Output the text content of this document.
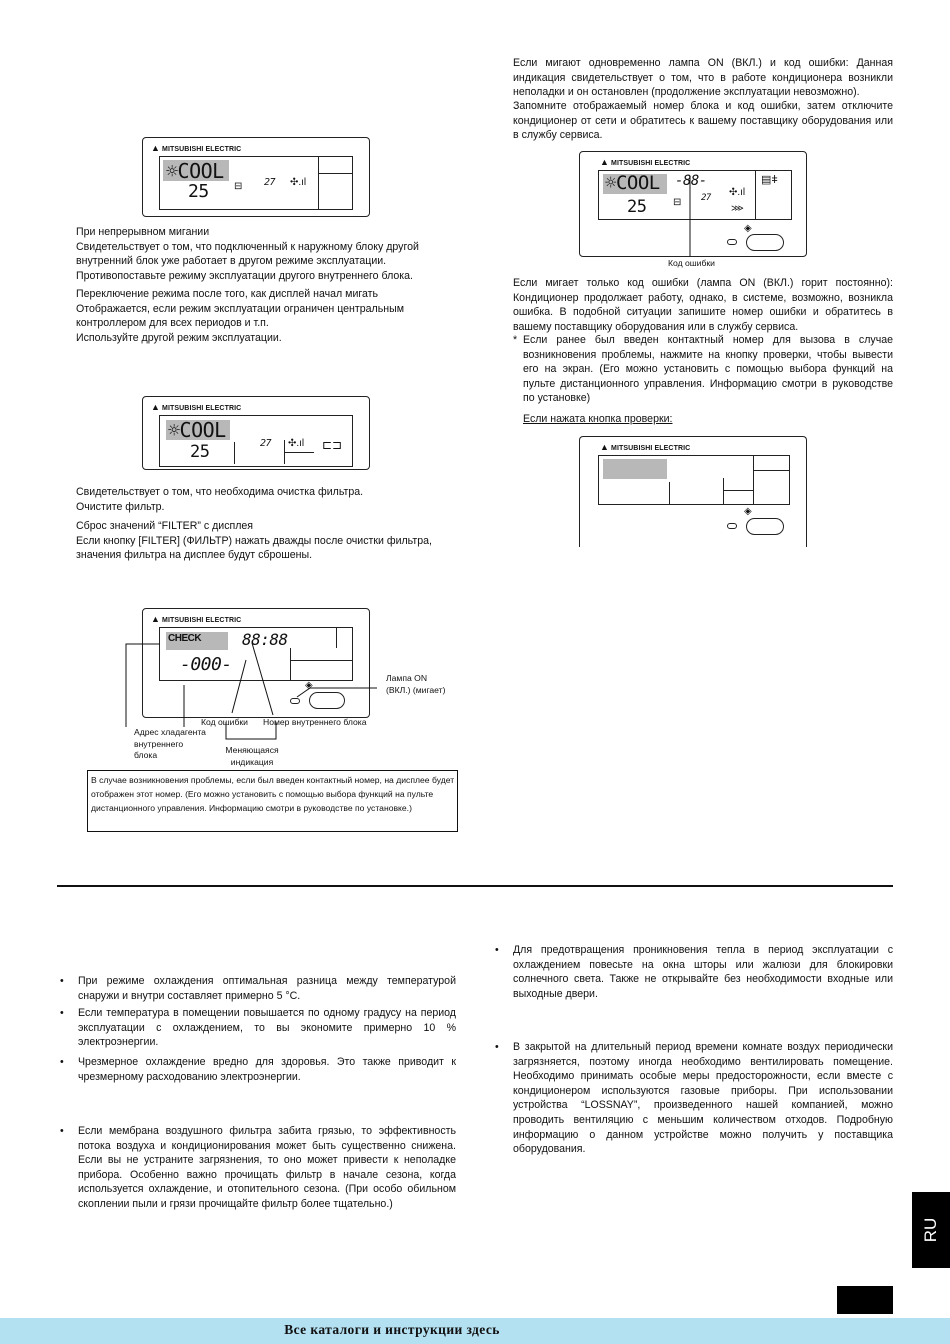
▲ MITSUBISHI ELECTRIC
☼COOL
25	27
⊟	✣.ıl
При непрерывном мигании
Свидетельствует о том, что подключенный к наружному блоку другой внутренний блок уже работает в другом режиме эксплуатации.
Противопоставьте режиму эксплуатации другого внутреннего блока.
Переключение режима после того, как дисплей начал мигать
Отображается, если режим эксплуатации ограничен центральным контроллером для всех периодов и т.п.
Используйте другой режим эксплуатации.
▲ MITSUBISHI ELECTRIC
☼COOL
25	27 ✣.ıl ⊏⊐
Свидетельствует о том, что необходима очистка фильтра.
Очистите фильтр.
Сброс значений “FILTER” с дисплея
Если кнопку [FILTER] (ФИЛЬТР) нажать дважды после очистки фильтра, значения фильтра на дисплее будут сброшены.
▲ MITSUBISHI ELECTRIC
CHECK	88:88
-000-
◈
Лампа ON
(ВКЛ.) (мигает)
Код ошибки Номер внутреннего блока
Адрес хладагента
внутреннего
блока	Меняющаяся
индикация
В случае возникновения проблемы, если был введен контактный номер, на дисплее будет отображен этот номер. (Его можно установить с помощью выбора функций на пульте дистанционного управления. Информацию смотри в руководстве по установке.)
Если мигают одновременно лампа ON (ВКЛ.) и код ошибки: Данная индикация свидетельствует о том, что в работе кондиционера возникли неполадки и он остановлен (продолжение эксплуатации невозможно).
Запомните отображаемый номер блока и код ошибки, затем отключите кондиционер от сети и обратитесь к вашему поставщику оборудования или в службу сервиса.
▲ MITSUBISHI ELECTRIC
☼COOL -88-
25	27
⊟
✣.ıl
⋙
▤ǂ
◈
Код ошибки
Если мигает только код ошибки (лампа ON (ВКЛ.) горит постоянно): Кондиционер продолжает работу, однако, в системе, возможно, возникла ошибка. В подобной ситуации запишите номер ошибки и обратитесь в вашему поставщику оборудования или в службу сервиса.
* Если ранее был введен контактный номер для вызова в случае возникновения проблемы, нажмите на кнопку проверки, чтобы вывести его на экран. (Его можно установить с помощью выбора функций на пульте дистанционного управления. Информацию смотри в руководстве по установке)
Если нажата кнопка проверки:
▲ MITSUBISHI ELECTRIC
◈
• При режиме охлаждения оптимальная разница между температурой снаружи и внутри составляет примерно 5 °С.
• Если температура в помещении повышается по одному градусу на период эксплуатации с охлаждением, то вы экономите примерно 10 % электроэнергии.
• Чрезмерное охлаждение вредно для здоровья. Это также приводит к чрезмерному расходованию электроэнергии.
• Если мембрана воздушного фильтра забита грязью, то эффективность потока воздуха и кондиционирования может быть существенно снижена. Если вы не устраните загрязнения, то оно может привести к неполадке прибора. Особенно важно прочищать фильтр в начале сезона, когда используется охлаждение, и отопительного сезона. (При особо обильном скоплении пыли и грязи прочищайте фильтр более тщательно.)
• Для предотвращения проникновения тепла в период эксплуатации с охлаждением повесьте на окна шторы или жалюзи для блокировки солнечного света. Также не открывайте без необходимости входные или выходные двери.
• В закрытой на длительный период времени комнате воздух периодически загрязняется, поэтому иногда необходимо вентилировать помещение. Необходимо принимать особые меры предосторожности, если вместе с кондиционером используются газовые приборы. При использовании устройства “LOSSNAY”, произведенного нашей компанией, можно проводить вентиляцию с меньшим количеством отходов. Подробную информацию о данном устройстве можно получить у поставщика оборудования.
RU
Все каталоги и инструкции здесь
